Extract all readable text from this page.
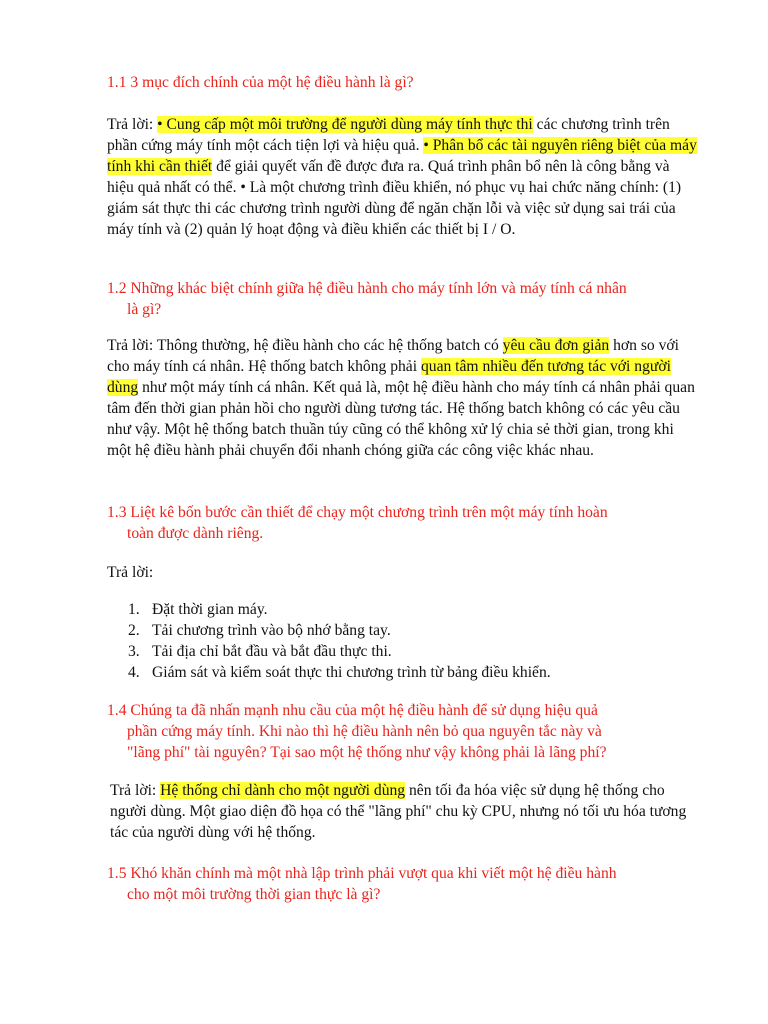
1.1 3 mục đích chính của một hệ điều hành là gì?

Trả lời: • Cung cấp một môi trường để người dùng máy tính thực thi các chương trình trên phần cứng máy tính một cách tiện lợi và hiệu quả. • Phân bổ các tài nguyên riêng biệt của máy tính khi cần thiết để giải quyết vấn đề được đưa ra. Quá trình phân bổ nên là công bằng và hiệu quả nhất có thể. • Là một chương trình điều khiển, nó phục vụ hai chức năng chính: (1) giám sát thực thi các chương trình người dùng để ngăn chặn lỗi và việc sử dụng sai trái của máy tính và (2) quản lý hoạt động và điều khiển các thiết bị I / O.

1.2 Những khác biệt chính giữa hệ điều hành cho máy tính lớn và máy tính cá nhân
là gì?

Trả lời: Thông thường, hệ điều hành cho các hệ thống batch có yêu cầu đơn giản hơn so với cho máy tính cá nhân. Hệ thống batch không phải quan tâm nhiều đến tương tác với người dùng như một máy tính cá nhân. Kết quả là, một hệ điều hành cho máy tính cá nhân phải quan tâm đến thời gian phản hồi cho người dùng tương tác. Hệ thống batch không có các yêu cầu như vậy. Một hệ thống batch thuần túy cũng có thể không xử lý chia sẻ thời gian, trong khi một hệ điều hành phải chuyển đổi nhanh chóng giữa các công việc khác nhau.

1.3 Liệt kê bốn bước cần thiết để chạy một chương trình trên một máy tính hoàn
toàn được dành riêng.

Trả lời:

1. Đặt thời gian máy.
2. Tải chương trình vào bộ nhớ bằng tay.
3. Tải địa chỉ bắt đầu và bắt đầu thực thi.
4. Giám sát và kiểm soát thực thi chương trình từ bảng điều khiển.

1.4 Chúng ta đã nhấn mạnh nhu cầu của một hệ điều hành để sử dụng hiệu quả
phần cứng máy tính. Khi nào thì hệ điều hành nên bỏ qua nguyên tắc này và
"lãng phí" tài nguyên? Tại sao một hệ thống như vậy không phải là lãng phí?

Trả lời: Hệ thống chỉ dành cho một người dùng nên tối đa hóa việc sử dụng hệ thống cho người dùng. Một giao diện đồ họa có thể "lãng phí" chu kỳ CPU, nhưng nó tối ưu hóa tương tác của người dùng với hệ thống.

1.5 Khó khăn chính mà một nhà lập trình phải vượt qua khi viết một hệ điều hành
cho một môi trường thời gian thực là gì?
